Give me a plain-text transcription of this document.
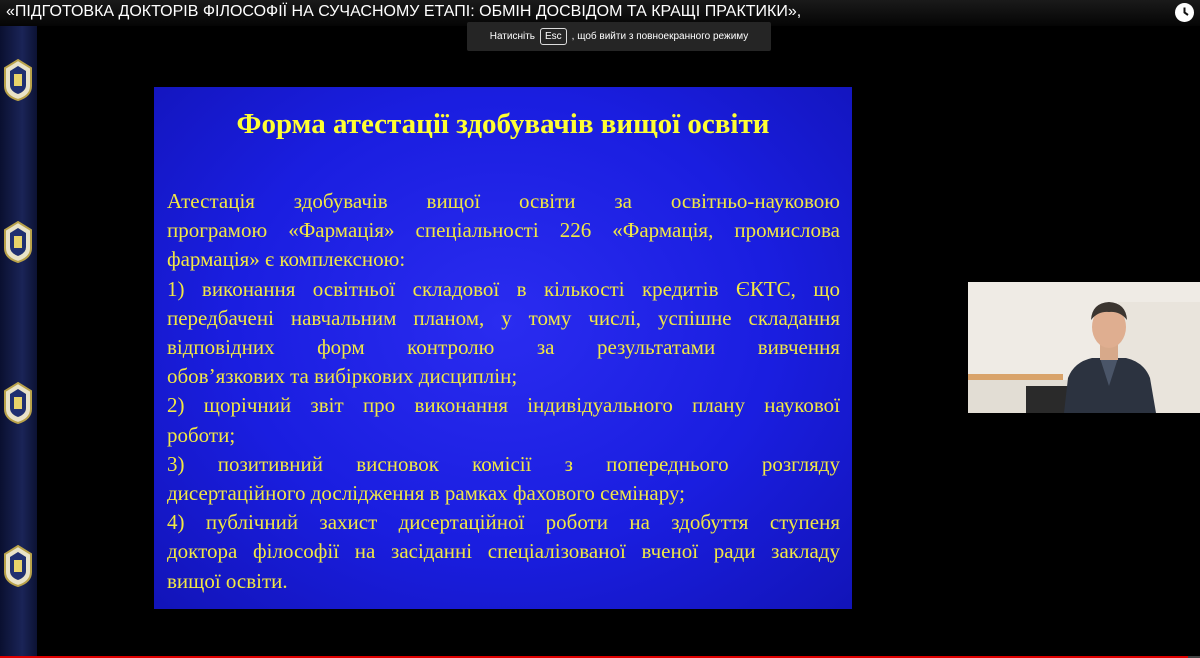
«ПІДГОТОВКА ДОКТОРІВ ФІЛОСОФІЇ НА СУЧАСНОМУ ЕТАПІ: ОБМІН ДОСВІДОМ ТА КРАЩІ ПРАКТИКИ»,
Натисніть	Esc	, щоб вийти з повноекранного режиму
Форма атестації здобувачів вищої освіти
Атестація здобувачів вищої освіти за освітньо-науковою
програмою «Фармація» спеціальності 226 «Фармація, промислова
фармація» є комплексною:
1) виконання освітньої складової в кількості кредитів ЄКТС, що
передбачені навчальним планом, у тому числі, успішне складання
відповідних форм контролю за результатами вивчення
обов’язкових та вибіркових дисциплін;
2) щорічний звіт про виконання індивідуального плану наукової
роботи;
3) позитивний висновок комісії з попереднього розгляду
дисертаційного дослідження в рамках фахового семінару;
4) публічний захист дисертаційної роботи на здобуття ступеня
доктора філософії на засіданні спеціалізованої вченої ради закладу
вищої освіти.
